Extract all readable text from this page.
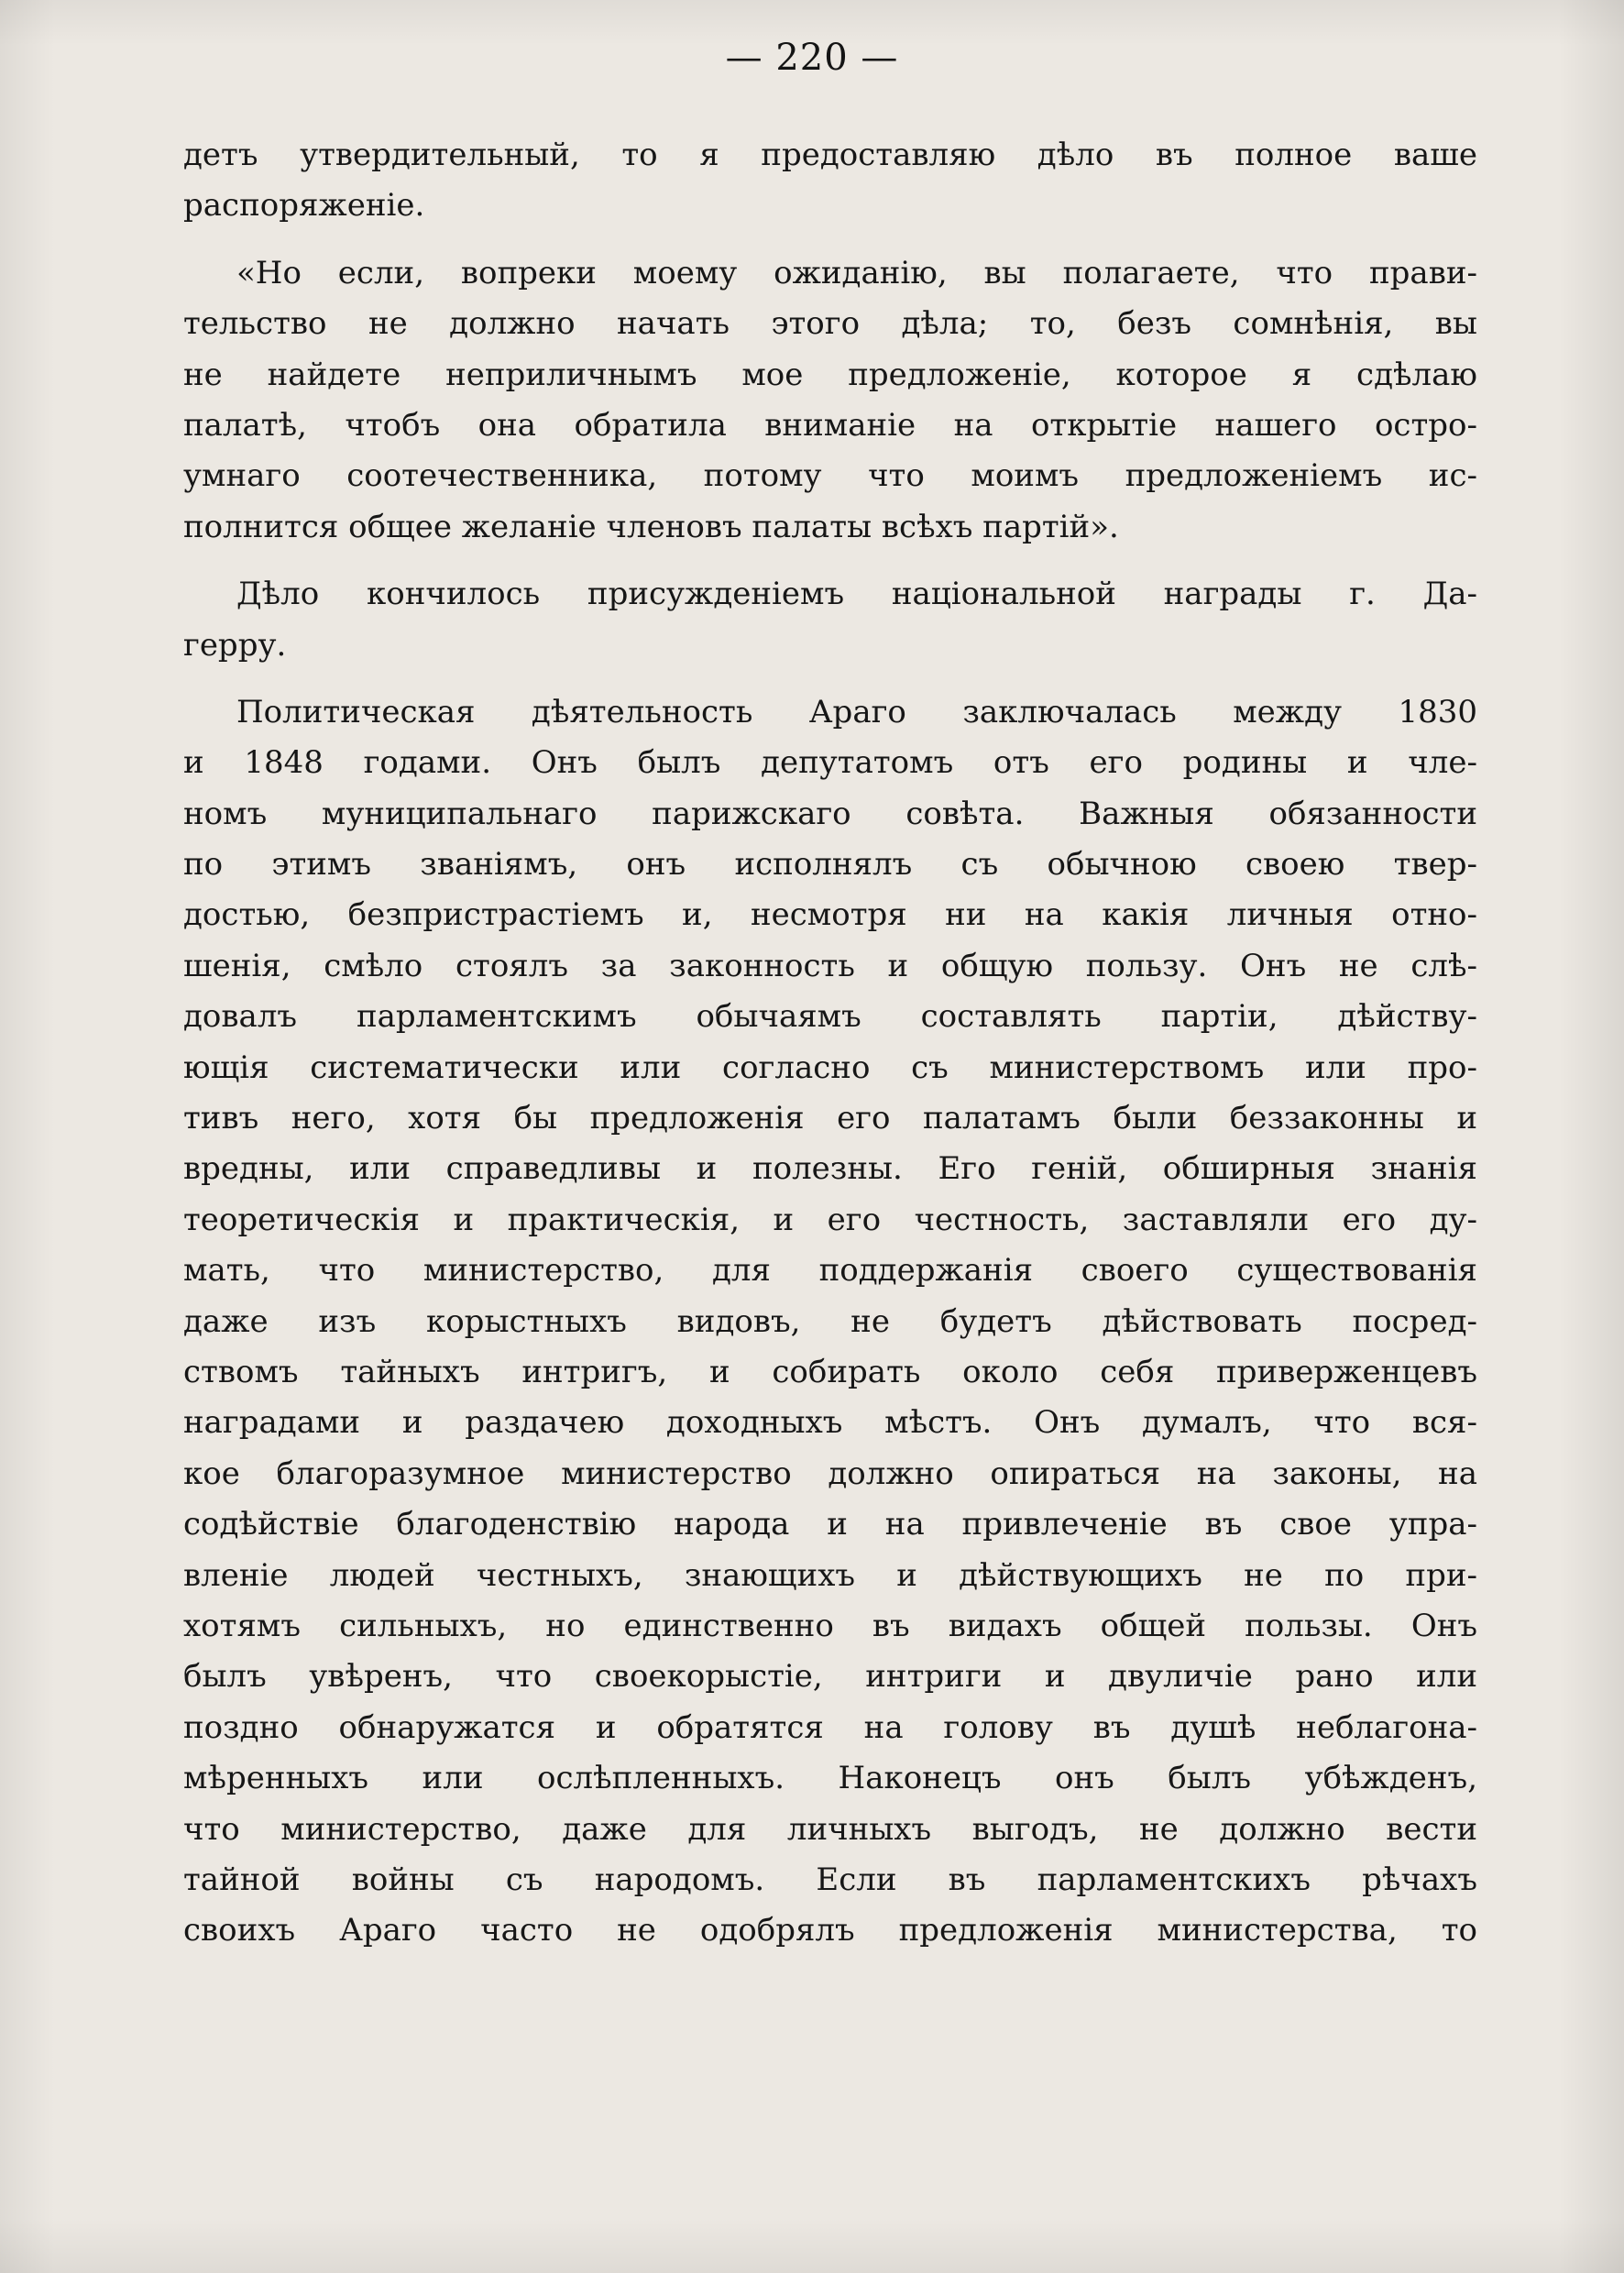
— 220 —
детъ утвердительный, то я предоставляю дѣло въ полное ваше
распоряженіе.
«Но если, вопреки моему ожиданію, вы полагаете, что прави-
тельство не должно начать этого дѣла; то, безъ сомнѣнія, вы
не найдете неприличнымъ мое предложеніе, которое я сдѣлаю
палатѣ, чтобъ она обратила вниманіе на открытіе нашего остро-
умнаго соотечественника, потому что моимъ предложеніемъ ис-
полнится общее желаніе членовъ палаты всѣхъ партій».
Дѣло кончилось присужденіемъ національной награды г. Да-
герру.
Политическая дѣятельность Араго заключалась между 1830
и 1848 годами. Онъ былъ депутатомъ отъ его родины и чле-
номъ муниципальнаго парижскаго совѣта. Важныя обязанности
по этимъ званіямъ, онъ исполнялъ съ обычною своею твер-
достью, безпристрастіемъ и, несмотря ни на какія личныя отно-
шенія, смѣло стоялъ за законность и общую пользу. Онъ не слѣ-
довалъ парламентскимъ обычаямъ составлять партіи, дѣйству-
ющія систематически или согласно съ министерствомъ или про-
тивъ него, хотя бы предложенія его палатамъ были беззаконны и
вредны, или справедливы и полезны. Его геній, обширныя знанія
теоретическія и практическія, и его честность, заставляли его ду-
мать, что министерство, для поддержанія своего существованія
даже изъ корыстныхъ видовъ, не будетъ дѣйствовать посред-
ствомъ тайныхъ интригъ, и собирать около себя приверженцевъ
наградами и раздачею доходныхъ мѣстъ. Онъ думалъ, что вся-
кое благоразумное министерство должно опираться на законы, на
содѣйствіе благоденствію народа и на привлеченіе въ свое упра-
вленіе людей честныхъ, знающихъ и дѣйствующихъ не по при-
хотямъ сильныхъ, но единственно въ видахъ общей пользы. Онъ
былъ увѣренъ, что своекорыстіе, интриги и двуличіе рано или
поздно обнаружатся и обратятся на голову въ душѣ неблагона-
мѣренныхъ или ослѣпленныхъ. Наконецъ онъ былъ убѣжденъ,
что министерство, даже для личныхъ выгодъ, не должно вести
тайной войны съ народомъ. Если въ парламентскихъ рѣчахъ
своихъ Араго часто не одобрялъ предложенія министерства, то
